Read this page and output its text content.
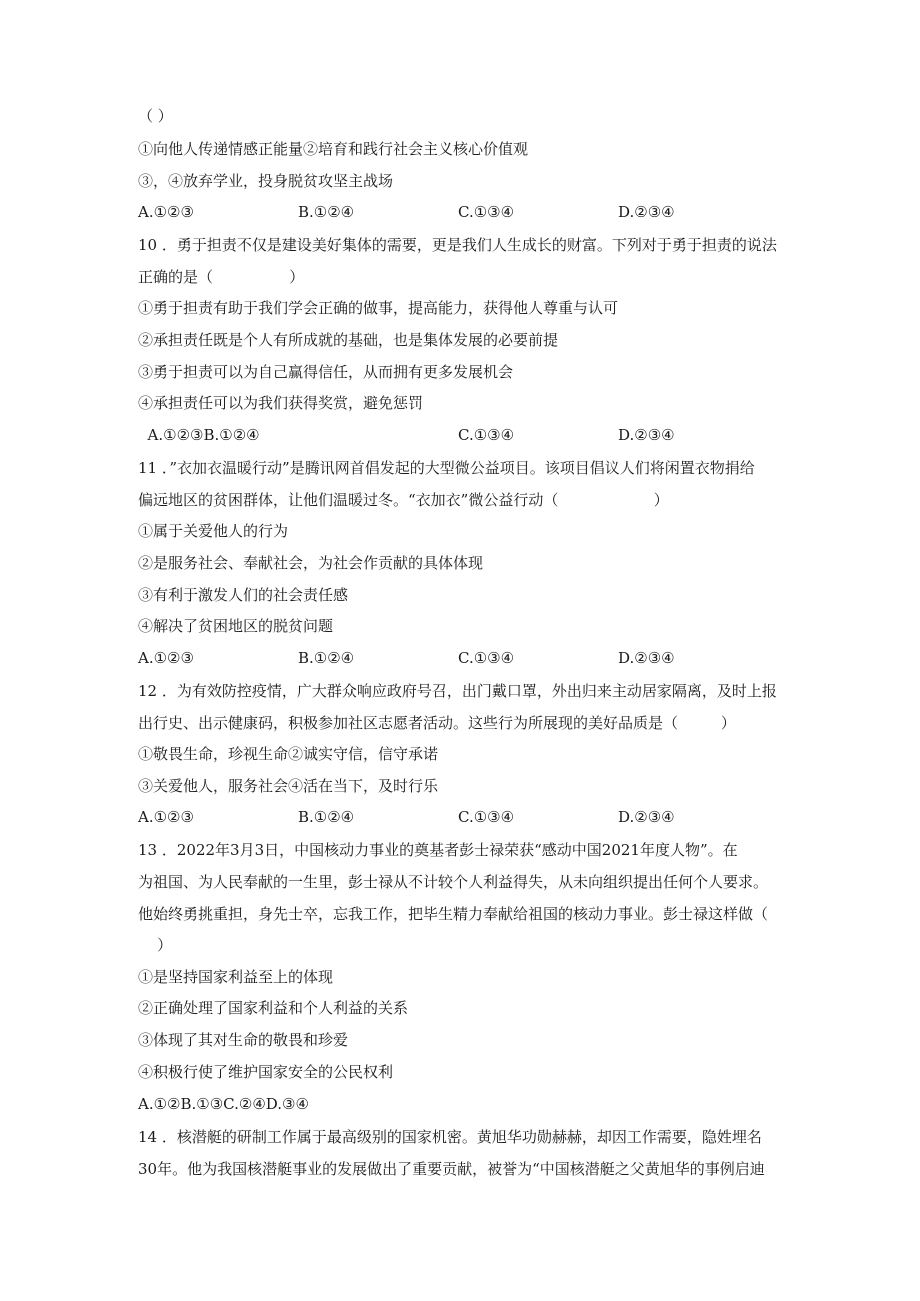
（ ）
①向他人传递情感正能量②培育和践行社会主义核心价值观
③，④放弃学业，投身脱贫攻坚主战场
A.①②③	B.①②④	C.①③④	D.②③④
10 ．勇于担责不仅是建设美好集体的需要，更是我们人生成长的财富。下列对于勇于担责的说法
正确的是（                ）
①勇于担责有助于我们学会正确的做事，提高能力，获得他人尊重与认可
②承担责任既是个人有所成就的基础，也是集体发展的必要前提
③勇于担责可以为自己赢得信任，从而拥有更多发展机会
④承担责任可以为我们获得奖赏，避免惩罚
A.①②③B.①②④	C.①③④	D.②③④
11 ．”衣加衣温暖行动”是腾讯网首倡发起的大型微公益项目。该项目倡议人们将闲置衣物捐给
偏远地区的贫困群体，让他们温暖过冬。“衣加衣”微公益行动（                    ）
①属于关爱他人的行为
②是服务社会、奉献社会，为社会作贡献的具体体现
③有利于激发人们的社会责任感
④解决了贫困地区的脱贫问题
A.①②③	B.①②④	C.①③④	D.②③④
12 ．为有效防控疫情，广大群众响应政府号召，出门戴口罩，外出归来主动居家隔离，及时上报
出行史、出示健康码，积极参加社区志愿者活动。这些行为所展现的美好品质是（         ）
①敬畏生命，珍视生命②诚实守信，信守承诺
③关爱他人，服务社会④活在当下，及时行乐
A.①②③	B.①②④	C.①③④	D.②③④
13 ．2022年3月3日，中国核动力事业的奠基者彭士禄荣获“感动中国2021年度人物”。在
为祖国、为人民奉献的一生里，彭士禄从不计较个人利益得失，从未向组织提出任何个人要求。
他始终勇挑重担，身先士卒，忘我工作，把毕生精力奉献给祖国的核动力事业。彭士禄这样做（
）
①是坚持国家利益至上的体现
②正确处理了国家利益和个人利益的关系
③体现了其对生命的敬畏和珍爱
④积极行使了维护国家安全的公民权利
A.①②B.①③C.②④D.③④
14 ．核潜艇的研制工作属于最高级别的国家机密。黄旭华功勋赫赫，却因工作需要，隐姓埋名
30年。他为我国核潜艇事业的发展做出了重要贡献，被誉为“中国核潜艇之父黄旭华的事例启迪
